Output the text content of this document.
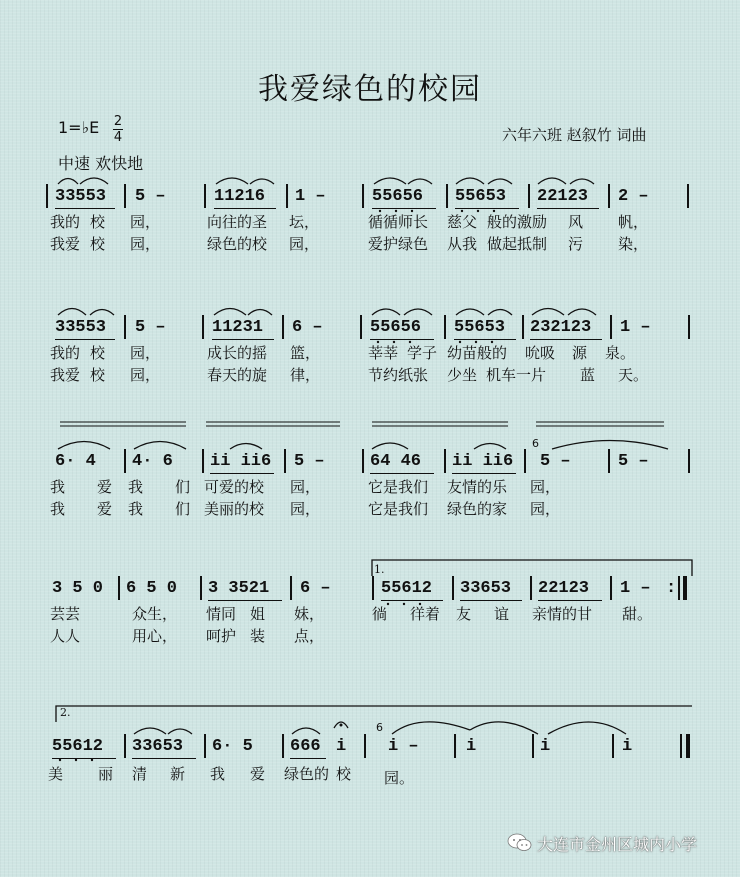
我爱绿色的校园
1=♭E 2
4	六年六班 赵叙竹 词曲
中速 欢快地
33553 5 –	11216 1 –	55656 55653 22123 2 –
我的 校 园，	向往的圣 坛，	循循师长 慈父 般的激励 风 帆，
我爱 校 园，	绿色的校 园，	爱护绿色 从我 做起抵制 污 染，
33553 5 –	11231 6 –	55656 55653 232123 1 –
我的 校 园，	成长的摇 篮，	莘莘 学子 幼苗般的 吮吸 源 泉。
我爱 校 园，	春天的旋 律，	节约纸张 少坐 机车一片 蓝 天。
6· 4 4· 6 ii ii6 5 –	64 46 ii ii6 5 –	5 –
我 爱 我 们 可爱的校 园，	它是我们 友情的乐 园，
我 爱 我 们 美丽的校 园，	它是我们 绿色的家 园，
1.
3 5 0 6 5 0 3 3521 6 –	55612 33653 22123 1 – :
芸芸	众生， 情同 姐 妹，	徜 徉着 友 谊 亲情的甘 甜。
人人	用心， 呵护 装 点，
2.
55612 33653 6· 5 666 i i –	i	i	i
美 丽 清 新 我 爱 绿色的 校 园。
6
6
大连市金州区城内小学
